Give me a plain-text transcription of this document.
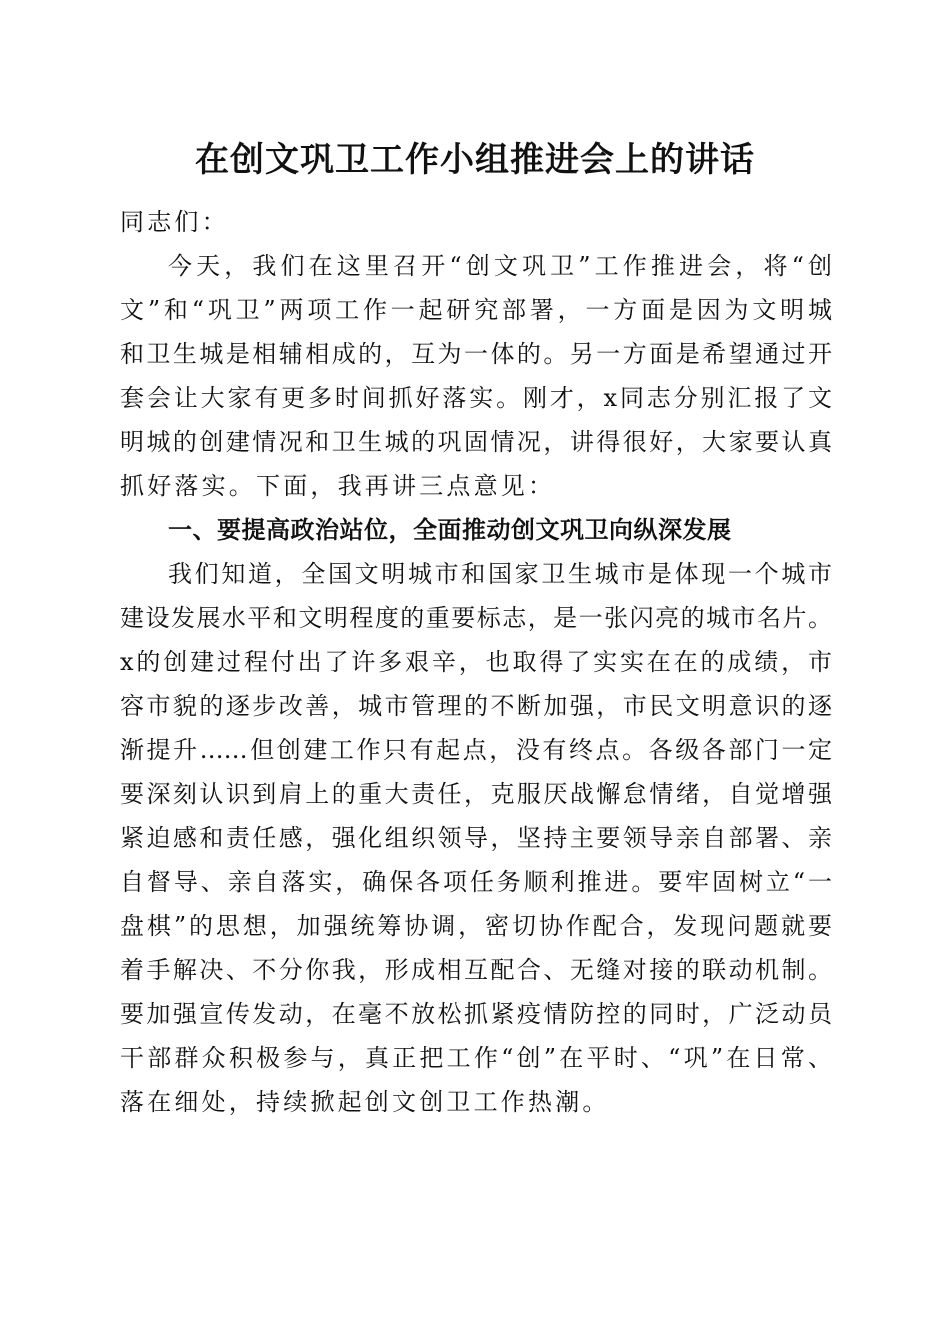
在创文巩卫工作小组推进会上的讲话
同志们：
今天，我们在这里召开“创文巩卫”工作推进会，将“创
文”和“巩卫”两项工作一起研究部署，一方面是因为文明城
和卫生城是相辅相成的，互为一体的。另一方面是希望通过开
套会让大家有更多时间抓好落实。刚才，x同志分别汇报了文
明城的创建情况和卫生城的巩固情况，讲得很好，大家要认真
抓好落实。下面，我再讲三点意见：
一、要提高政治站位，全面推动创文巩卫向纵深发展
我们知道，全国文明城市和国家卫生城市是体现一个城市
建设发展水平和文明程度的重要标志，是一张闪亮的城市名片。
x的创建过程付出了许多艰辛，也取得了实实在在的成绩，市
容市貌的逐步改善，城市管理的不断加强，市民文明意识的逐
渐提升……但创建工作只有起点，没有终点。各级各部门一定
要深刻认识到肩上的重大责任，克服厌战懈怠情绪，自觉增强
紧迫感和责任感，强化组织领导，坚持主要领导亲自部署、亲
自督导、亲自落实，确保各项任务顺利推进。要牢固树立“一
盘棋”的思想，加强统筹协调，密切协作配合，发现问题就要
着手解决、不分你我，形成相互配合、无缝对接的联动机制。
要加强宣传发动，在毫不放松抓紧疫情防控的同时，广泛动员
干部群众积极参与，真正把工作“创”在平时、“巩”在日常、
落在细处，持续掀起创文创卫工作热潮。
